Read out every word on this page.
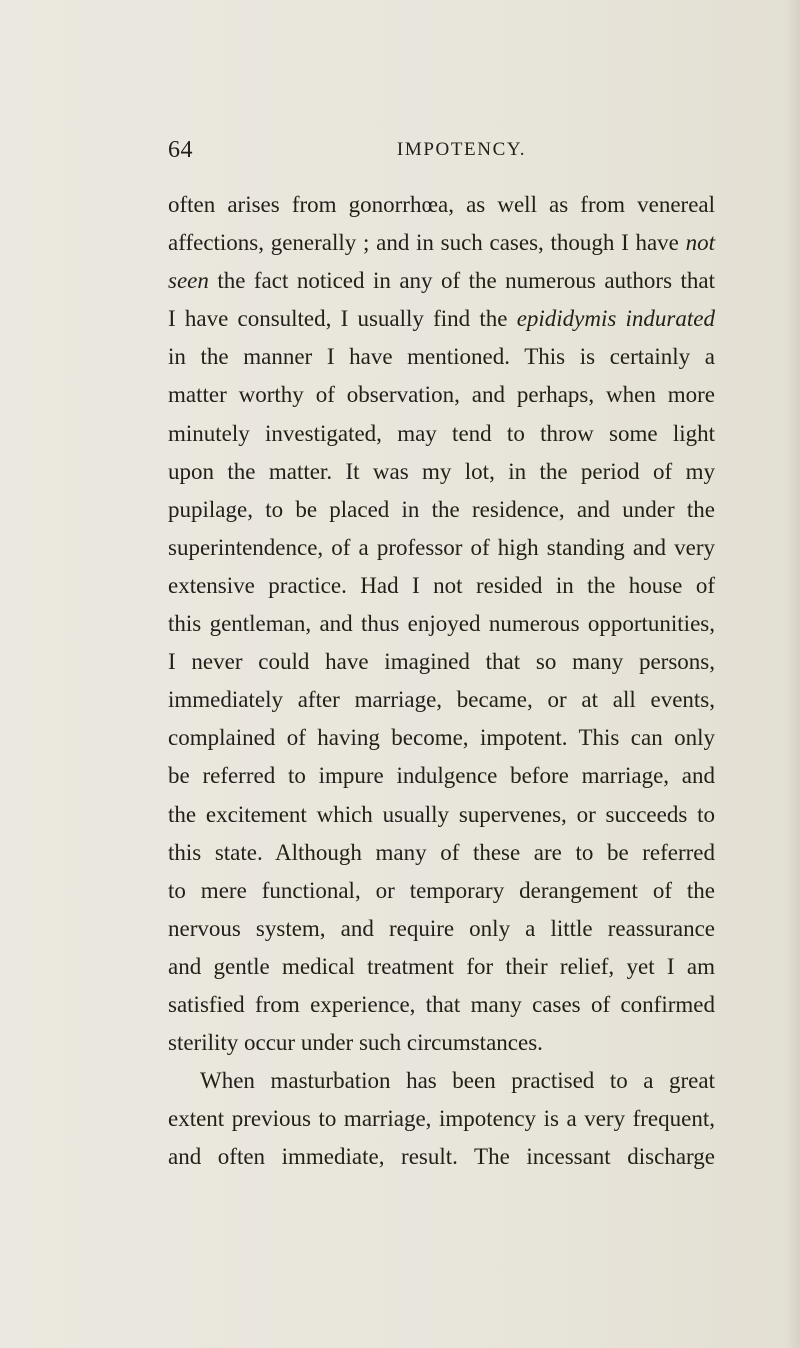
64	IMPOTENCY.
often arises from gonorrhœa, as well as from venereal
affections, generally ; and in such cases, though I have not
seen the fact noticed in any of the numerous authors that
I have consulted, I usually find the epididymis indurated
in the manner I have mentioned. This is certainly a
matter worthy of observation, and perhaps, when more
minutely investigated, may tend to throw some light
upon the matter. It was my lot, in the period of my
pupilage, to be placed in the residence, and under the
superintendence, of a professor of high standing and very
extensive practice. Had I not resided in the house of
this gentleman, and thus enjoyed numerous opportunities,
I never could have imagined that so many persons,
immediately after marriage, became, or at all events,
complained of having become, impotent. This can only
be referred to impure indulgence before marriage, and
the excitement which usually supervenes, or succeeds to
this state. Although many of these are to be referred
to mere functional, or temporary derangement of the
nervous system, and require only a little reassurance
and gentle medical treatment for their relief, yet I am
satisfied from experience, that many cases of confirmed
sterility occur under such circumstances.
When masturbation has been practised to a great
extent previous to marriage, impotency is a very frequent,
and often immediate, result. The incessant discharge
